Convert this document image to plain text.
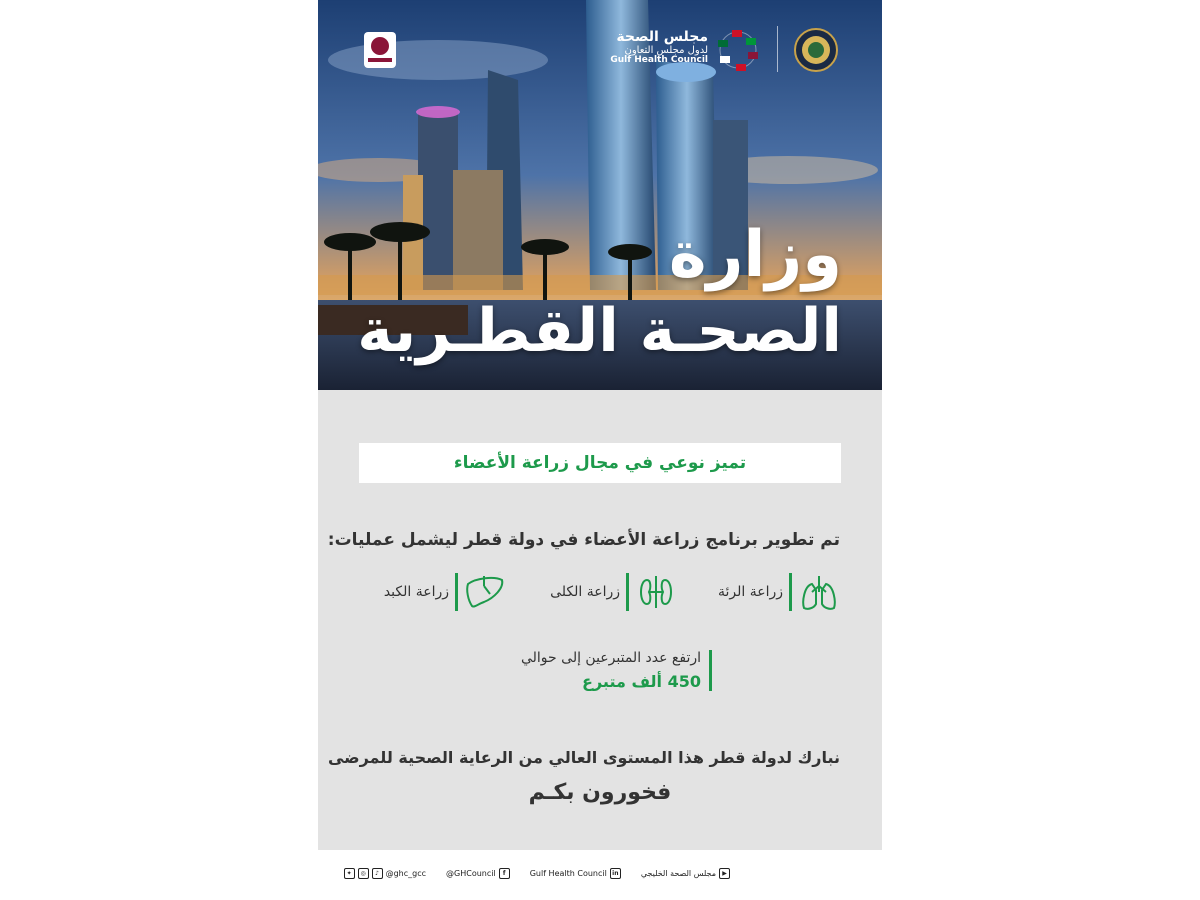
مجلس الصحة
لدول مجلس التعاون
Gulf Health Council
وزارة
الصحـة القطـرية
تميز نوعي في مجال زراعة الأعضاء
تم تطوير برنامج زراعة الأعضاء في دولة قطر ليشمل عمليات:
زراعة الرئة
زراعة الكلى
زراعة الكبد
ارتفع عدد المتبرعين إلى حوالي
450 ألف متبرع
نبارك لدولة قطر هذا المستوى العالي من الرعاية الصحية للمرضى
فخورون بكـم
▶
مجلس الصحة الخليجي
in
Gulf Health Council
f
@GHCouncil
♪
◎
✦	@ghc_gcc
